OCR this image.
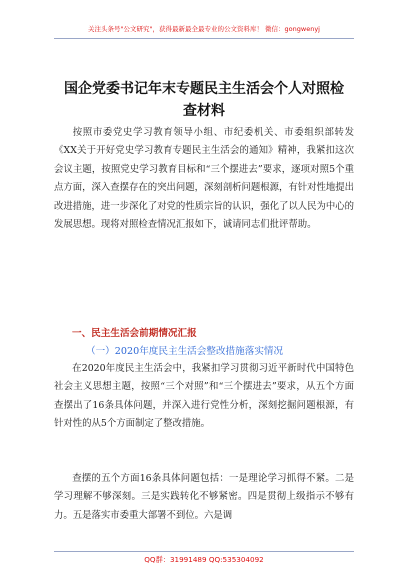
关注头条号"公文研究"，获得最新最全最专业的公文资料库！ 微信：gongwenyj
国企党委书记年末专题民主生活会个人对照检
查材料
按照市委党史学习教育领导小组、市纪委机关、市委组织部转发《XX关于开好党史学习教育专题民主生活会的通知》精神，我紧扣这次会议主题，按照党史学习教育目标和“三个摆进去”要求，逐项对照5个重点方面，深入查摆存在的突出问题，深刻剖析问题根源，有针对性地提出改进措施，进一步深化了对党的性质宗旨的认识，强化了以人民为中心的发展思想。现将对照检查情况汇报如下，诚请同志们批评帮助。
一、民主生活会前期情况汇报
（一）2020年度民主生活会整改措施落实情况
在2020年度民主生活会中，我紧扣学习贯彻习近平新时代中国特色社会主义思想主题，按照“三个对照”和“三个摆进去”要求，从五个方面查摆出了16条具体问题，并深入进行党性分析，深刻挖掘问题根源，有针对性的从5个方面制定了整改措施。
查摆的五个方面16条具体问题包括：一是理论学习抓得不紧。二是学习理解不够深刻。三是实践转化不够紧密。四是贯彻上级指示不够有力。五是落实市委重大部署不到位。六是调
QQ群：31991489 QQ:535304092
